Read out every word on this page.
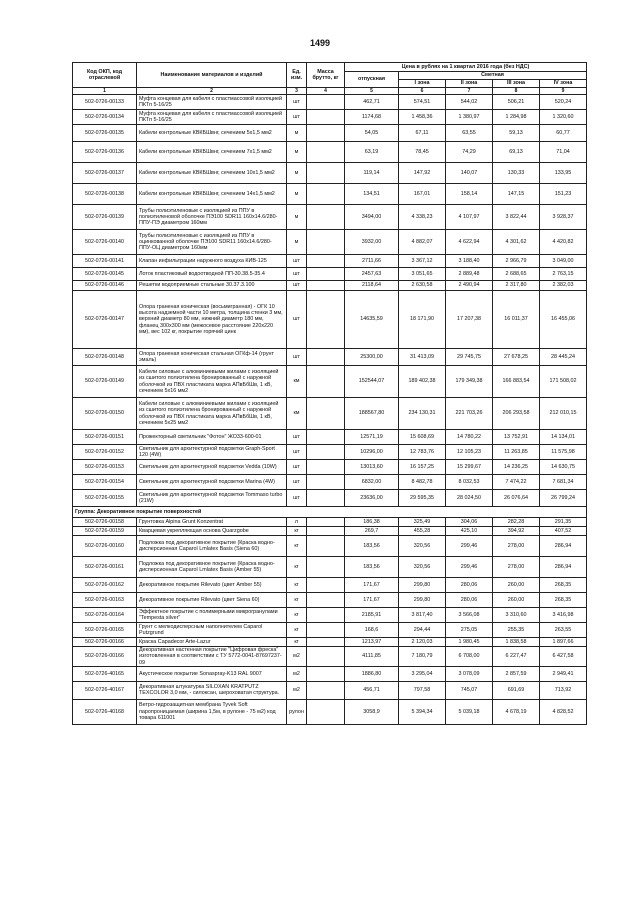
1499
Код ОКП, код отраслевой	Наименование материалов и изделий	Ед. изм.	Масса брутто, кг	Цена в рублях на 1 квартал 2016 года (без НДС)				
				отпускная	Сметная			
					I зона	II зона	III зона	IV зона
1	2	3	4	5	6	7	8	9
502-0726-00133	Муфта концевая для кабеля с пластмассовой изоляцией ПКТп 5-16/25	шт		462,71	574,51	544,02	506,21	520,24
502-0726-00134	Муфта концевая для кабеля с пластмассовой изоляцией ПКТп 5-16/25	шт		1174,68	1 458,36	1 380,97	1 284,98	1 320,60
502-0726-00135	Кабели контрольные КВКБШвнг, сечением 5х1,5 мм2	м		54,05	67,11	63,55	59,13	60,77
502-0726-00136	Кабели контрольные КВКБШвнг, сечением 7х1,5 мм2	м		63,19	78,45	74,29	69,13	71,04
502-0726-00137	Кабели контрольные КВКБШвнг, сечением 10х1,5 мм2	м		119,14	147,92	140,07	130,33	133,95
502-0726-00138	Кабели контрольные КВКБШвнг, сечением 14х1,5 мм2	м		134,51	167,01	158,14	147,15	151,23
502-0726-00139	Трубы полиэтиленовые с изоляцией из ППУ в полиэтиленовой оболочке ПЭ100 SDR11 160х14.6/280-ППУ-ПЭ диаметром 160мм	м		3494,00	4 338,23	4 107,97	3 822,44	3 928,37
502-0726-00140	Трубы полиэтиленовые с изоляцией из ППУ в оцинкованной оболочке ПЭ100 SDR11 160х14.6/280-ППУ-ОЦ диаметром 160мм	м		3932,00	4 882,07	4 622,94	4 301,62	4 420,82
502-0726-00141	Клапан инфильтрации наружного воздуха КИВ-125	шт		2711,66	3 367,12	3 188,40	2 966,79	3 049,00
502-0726-00145	Лоток пластиковый водоотводной ПП-30.38.5-35.4	шт		2457,63	3 051,65	2 889,48	2 688,65	2 763,15
502-0726-00146	Решетки водоприемные стальные 30.37.3.100	шт		2118,64	2 630,58	2 490,94	2 317,80	2 382,03
502-0726-00147	Опора граненая коническая (восьмигранная) - ОГК 10 высота надземной части 10 метра, толщина стенки 3 мм, верхний диаметр 80 мм, нижний диаметр 180 мм, фланец 300х300 мм (межосевое расстояние 220х220 мм), вес 102 кг, покрытие горячий цинк	шт		14635,59	18 171,90	17 207,38	16 011,37	16 455,06
502-0726-00148	Опора граненая коническая стальная ОГКф-14 (грунт эмаль)	шт		25300,00	31 413,09	29 745,75	27 678,25	28 445,24
502-0726-00149	Кабели силовые с алюминиевыми жилами с изоляцией из сшитого полиэтилена бронированный с наружной оболочкой из ПВХ пластиката марка АПвБбШв, 1 кВ, сечением 5х16 мм2	км		152544,07	189 402,38	179 349,38	166 883,54	171 508,02
502-0726-00150	Кабели силовые с алюминиевыми жилами с изоляцией из сшитого полиэтилена бронированный с наружной оболочкой из ПВХ пластиката марка АПвБбШв, 1 кВ, сечением 5х25 мм2	км		188567,80	234 130,31	221 703,26	206 293,58	212 010,15
502-0726-00151	Прожекторный светильник "Фотон" ЖО33-600-01	шт		12571,19	15 608,69	14 780,22	13 752,91	14 134,01
502-0726-00152	Светильник для архитектурной подсветки Graph-Sport 120 (4W)	шт		10296,00	12 783,76	12 105,23	11 263,85	11 575,98
502-0726-00153	Светильник для архитектурной подсветки Vedda (10W)	шт		13013,60	16 157,25	15 299,67	14 236,25	14 630,75
502-0726-00154	Светильник для архитектурной подсветки Marina (4W)	шт		6832,00	8 482,78	8 032,53	7 474,22	7 681,34
502-0726-00155	Светильник для архитектурной подсветки Tommaso turbo (21W)	шт		23636,00	29 595,35	28 024,50	26 076,64	26 799,24
Группа: Декоративное покрытие поверхностей								
502-0726-00158	Грунтовка Alpina Grunt Konzentrat	л		186,38	325,49	304,06	282,28	291,35
502-0726-00159	Кварцевая укрепляющая основа Quarzgobe	кг		269,7	455,28	425,10	394,92	407,52
502-0726-00160	Подложка под декоративное покрытие (Краска водно-дисперсионная Caparol Lmlatex Basis (Siena 60)	кг		183,56	320,56	299,46	278,00	286,94
502-0726-00161	Подложка под декоративное покрытие (Краска водно-дисперсионная Caparol Lmlatex Basis (Amber 55)	кг		183,56	320,56	299,46	278,00	286,94
502-0726-00162	Декоративное покрытие Rilevato (цвет Amber 55)	кг		171,67	299,80	280,06	260,00	268,35
502-0726-00163	Декоративное покрытие Rilevato (цвет Siena 60)	кг		171,67	299,80	280,06	260,00	268,35
502-0726-00164	Эффектное покрытие с полимерными микрогранулами "Tempesta silver"	кг		2185,91	3 817,40	3 566,08	3 310,60	3 416,98
502-0726-00165	Грунт с мелкодисперсным наполнителем Caparol Putzgrund	кг		168,6	294,44	275,05	255,35	263,55
502-0726-00166	Краска Capadecor Arte-Lazur	кг		1213,97	2 120,03	1 980,45	1 838,58	1 897,66
502-0726-00166	Декоративная настенная покрытие "Цифровая фреска" изготовленная в соответствии с ТУ 5772-0041-87697237-09	м2		4111,85	7 180,79	6 708,00	6 227,47	6 427,58
502-0726-40165	Акустическое покрытие Sonaspray-K13 RAL 9007	м2		1886,80	3 295,04	3 078,09	2 857,59	2 949,41
502-0726-40167	Декоративная штукатурка SILOXAN KRATPUTZ TEXCOLOR 3,0 мм, - силоксан, шероховатая структура.	м2		456,71	797,58	745,07	691,69	713,92
502-0726-40168	Ветро-гидрозащитная мембрана Tyvek Soft паропроницаемая (ширина 1,5м, в рулоне - 75 м2) код товара 611001	рулон		3058,9	5 394,34	5 039,18	4 678,19	4 828,52
